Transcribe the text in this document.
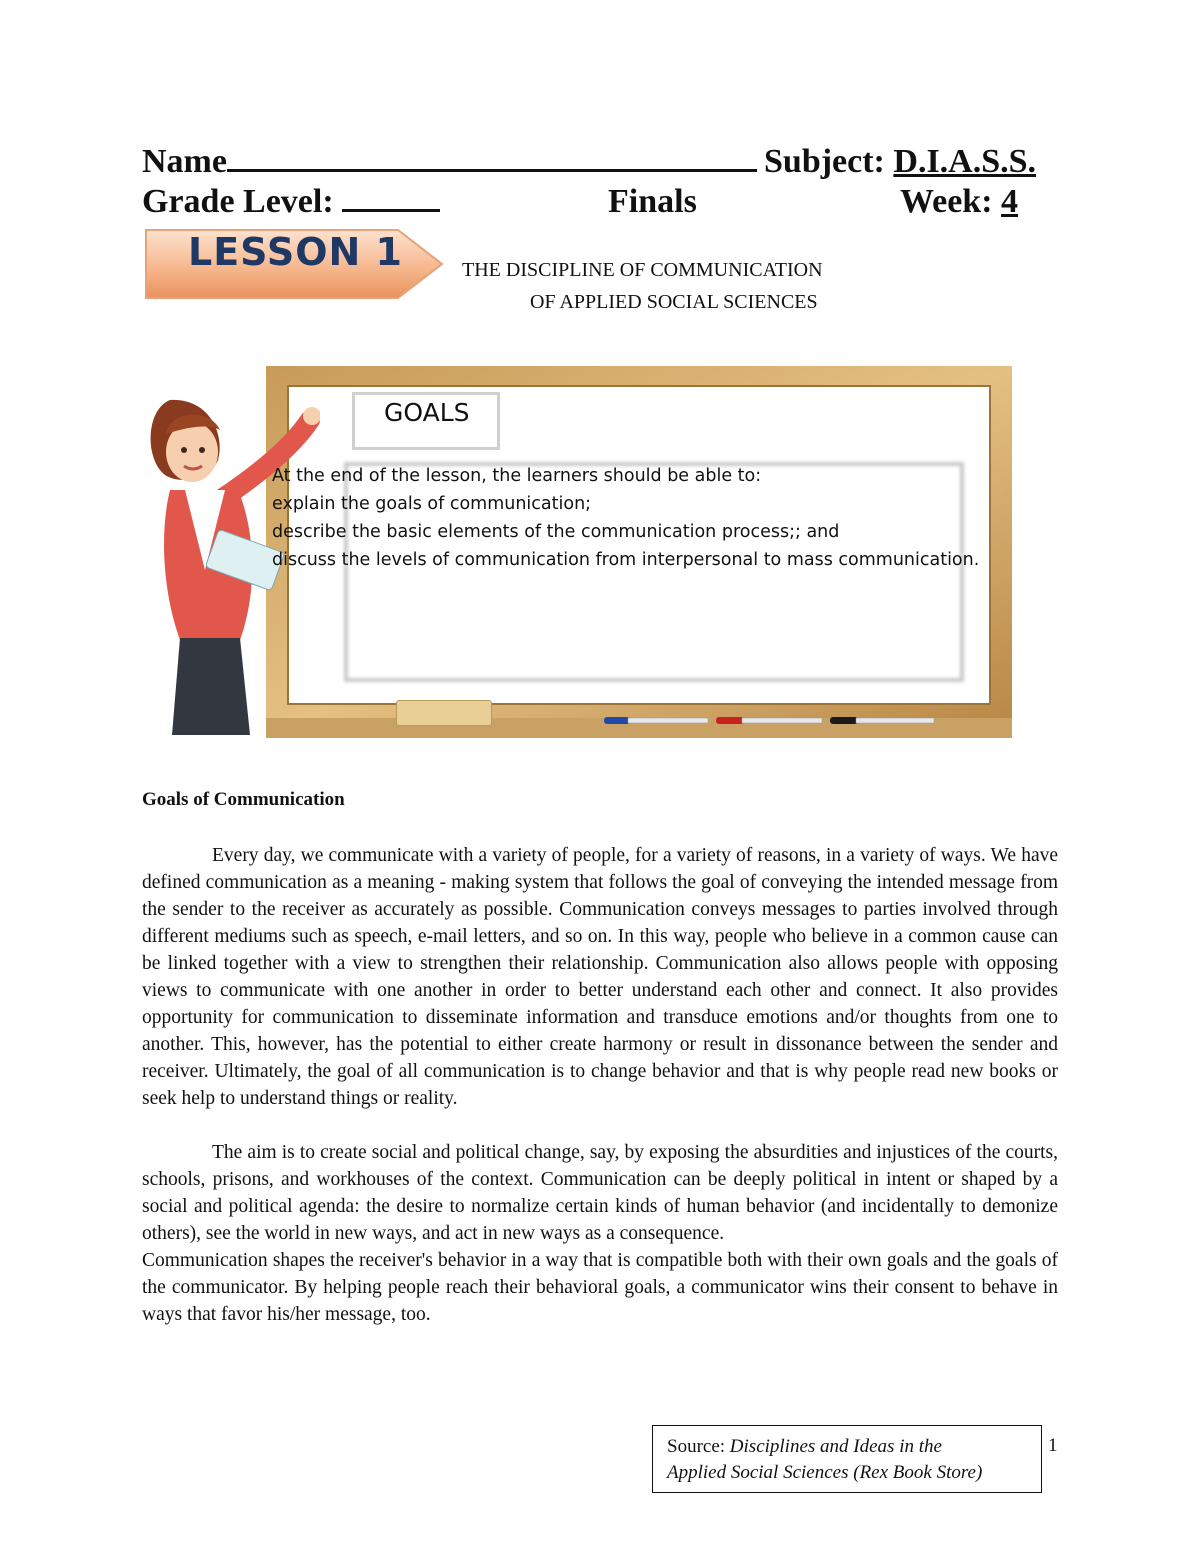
Name	Subject: D.I.A.S.S.
Grade Level:	Finals	Week: 4
LESSON 1	THE DISCIPLINE OF COMMUNICATION
OF APPLIED SOCIAL SCIENCES
GOALS
At the end of the lesson, the learners should be able to:
explain the goals of communication;
describe the basic elements of the communication process;; and
discuss the levels of communication from interpersonal to mass communication.
Goals of Communication

Every day, we communicate with a variety of people, for a variety of reasons, in a variety of ways. We have defined communication as a meaning - making system that follows the goal of conveying the intended message from the sender to the receiver as accurately as possible. Communication conveys messages to parties involved through different mediums such as speech, e-mail letters, and so on. In this way, people who believe in a common cause can be linked together with a view to strengthen their relationship. Communication also allows people with opposing views to communicate with one another in order to better understand each other and connect. It also provides opportunity for communication to disseminate information and transduce emotions and/or thoughts from one to another. This, however, has the potential to either create harmony or result in dissonance between the sender and receiver. Ultimately, the goal of all communication is to change behavior and that is why people read new books or seek help to understand things or reality.

The aim is to create social and political change, say, by exposing the absurdities and injustices of the courts, schools, prisons, and workhouses of the context. Communication can be deeply political in intent or shaped by a social and political agenda: the desire to normalize certain kinds of human behavior (and incidentally to demonize others), see the world in new ways, and act in new ways as a consequence.

Communication shapes the receiver's behavior in a way that is compatible both with their own goals and the goals of the communicator. By helping people reach their behavioral goals, a communicator wins their consent to behave in ways that favor his/her message, too.

Source: Disciplines and Ideas in the
Applied Social Sciences (Rex Book Store)
1
